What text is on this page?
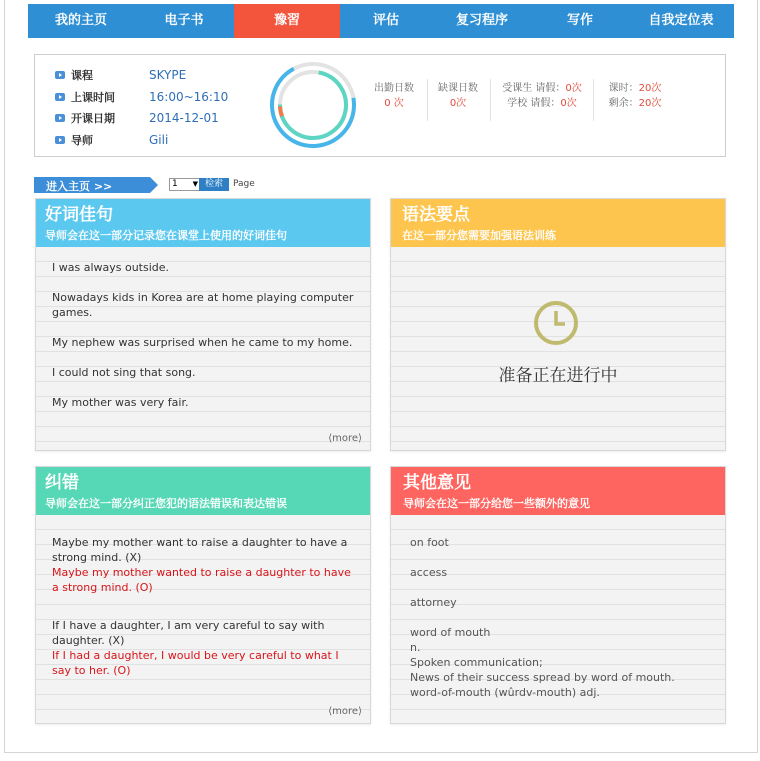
我的主页	电子书	豫習	评估	复习程序	写作	自我定位表
课程	SKYPE
上课时间	16:00~16:10
开课日期	2014-12-01
导师	Gili
出勤日数
0 次
缺课日数
0次
受课生 请假：0次
学校 请假：0次
课时：20次
剩余：20次
进入主页 >>	1 ▼ 检索	Page
好词佳句
导师会在这一部分记录您在课堂上使用的好词佳句
I was always outside.
Nowadays kids in Korea are at home playing computer games.
My nephew was surprised when he came to my home.
I could not sing that song.
My mother was very fair.
⟨more⟩
语法要点
在这一部分您需要加强语法训练
准备正在进行中
纠错
导师会在这一部分纠正您犯的语法错误和表达错误
Maybe my mother want to raise a daughter to have a strong mind. (X)
Maybe my mother wanted to raise a daughter to have a strong mind. (O)
If I have a daughter, I am very careful to say with daughter. (X)
If I had a daughter, I would be very careful to what I say to her. (O)
⟨more⟩
其他意见
导师会在这一部分给您一些额外的意见
on foot
access
attorney
word of mouth
n.
Spoken communication;
News of their success spread by word of mouth.
word-of-mouth (wûrdv-mouth) adj.
